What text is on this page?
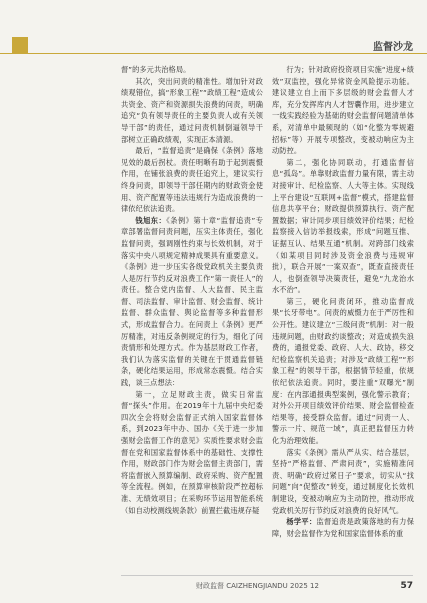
监督沙龙

督”的多元共治格局。

其次，突出问责的精准性。增加针对政绩观错位，搞“形象工程”“政绩工程”造成公共资金、资产和资源损失浪费的问责，明确追究“负有领导责任的主要负责人或有关领导干部”的责任，通过问责机制倒逼领导干部树立正确政绩观，实现正本清源。

最后，“监督追责”是确保《条例》落地见效的最后拐杖。责任明晰有助于起到震慑作用，在铺张浪费的责任追究上，建议实行终身问责，即领导干部任期内的财政资金使用、资产配置等违法违规行为造成浪费的一律依纪依法追责。

钱旭东：《条例》第十章“监督追责”专章部署监督问责问题，压实主体责任，强化监督问责，强调刚性约束与长效机制，对于落实中央八项规定精神成果具有重要意义。《条例》进一步压实各级党政机关主要负责人是厉行节约反对浪费工作“第一责任人”的责任。整合党内监督、人大监督、民主监督、司法监督、审计监督、财会监督、统计监督、群众监督、舆论监督等多种监督形式，形成监督合力。在问责上《条例》更严厉精准，对违反条例规定的行为，细化了问责情形和处理方式。作为基层财政工作者，我们认为落实监督的关键在于贯通监督链条，硬化结果运用，形成常态震慑。结合实践，谈三点想法：

第一，立足财政主责，做实日常监督“探头”作用。在2019年十九届中央纪委四次全会将财会监督正式纳入国家监督体系，到2023年中办、国办《关于进一步加强财会监督工作的意见》实质性要求财会监督在党和国家监督体系中的基础性、支撑性作用，财政部门作为财会监督主责部门，需将监督嵌入预算编制、政府采购、资产配置等全流程。例如，在预算审核阶段严控超标准、无绩效项目；在采购环节运用智能系统（如自动校测线规条款）前置拦截违规存疑

行为；针对政府投资项目实施“进度+绩效”双监控，强化异常资金风险提示功能。建议建立自上而下多层级的财会监督人才库，充分发挥库内人才智囊作用，进步建立一线实践经验为基础的财会监督问题清单体系，对清单中最频现的（如“化整为零规避招标”等）开展专项整改，变被动响应为主动防控。

第二，强化协同联动，打通监督信息“孤岛”。单靠财政监督力量有限，需主动对接审计、纪检监察、人大等主体。实现线上平台建设“互联网+监督”模式，搭建监督信息共享平台；财政提供预算执行、资产配置数据；审计同步项目绩效评价结果；纪检监察接入信访举报线索，形成“问题互推、证据互认、结果互通”机制。对跨部门线索（如某项目同时涉及资金浪费与违规审批），联合开展“一案双查”，既查直接责任人，也倒查领导决策责任，避免“九龙治水水不治”。

第三，硬化问责闭环，推动监督成果“长牙带电”。问责的威慑力在于严厉性和公开性。建议建立“三级问责”机制：对一般违规问题，由财政约谈整改；对造成损失浪费的，通报党委、政府、人大、政协，移交纪检监察机关追责；对涉及“政绩工程”“形象工程”的领导干部，根据情节轻重，依规依纪依法追责。同时，要注重“双曝光”制度：在内部通报典型案例，强化警示教育；对外公开项目绩效评价结果、财会监督检查结果等，接受群众监督。通过“问责一人、警示一片、规范一域”，真正把监督压力转化为治理效能。

落实《条例》需从严从实、结合基层，坚持“严格监督、严肃问责”，实施精准问责、明确“政府过紧日子”要求，切实从“找问题”向“促整改”转变，通过制度化长效机制建设，变被动响应为主动防控，推动形成党政机关厉行节约反对浪费的良好风气。

杨学平：监督追责是政策落地的有力保障，财会监督作为党和国家监督体系的重

财政监督 CAIZHENGJIANDU 2025 12	57
